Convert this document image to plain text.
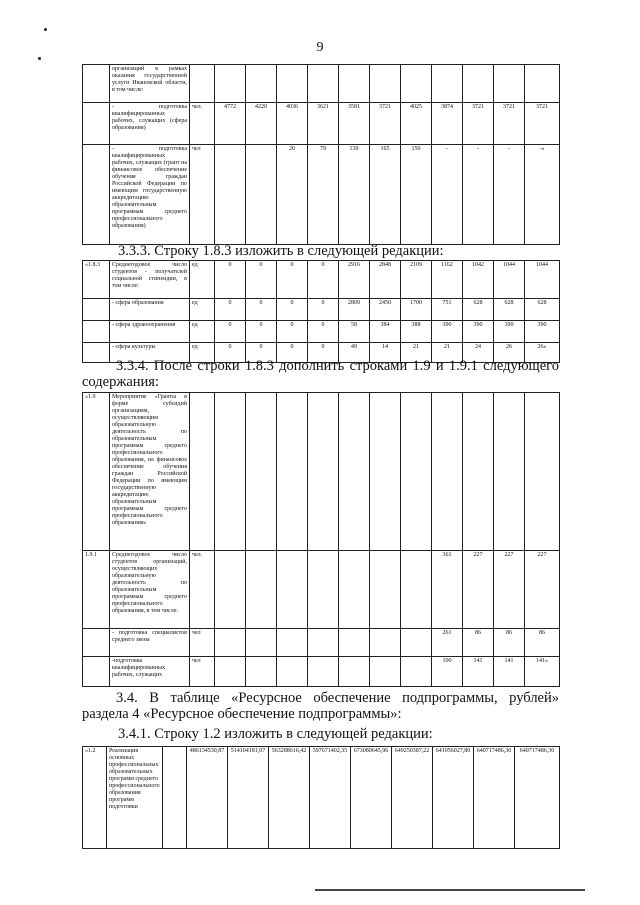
9
	организаций в рамках оказания государственной услуги Ивановской области, в том числе:												
	- подготовка квалифицированных рабочих, служащих (сфера образования)	чел.	4772	4220	4036	3621	3581	3721	4025	3874	3721	3721	3721
	- подготовка квалифицированных рабочих, служащих (грант на финансовое обеспечение обучения граждан Российской Федерации по имеющим государственную аккредитацию образовательным программам среднего профессионального образования)	чел			20	79	139	165	150	-	-	-	-»
3.3.3. Строку 1.8.3 изложить в следующей редакции:
«1.8.3	Среднегодовое число студентов - получателей социальной стипендии, в том числе:	ед	0	0	0	0	2916	2848	2109	1162	1042	1044	1044
	- сфера образования	ед	0	0	0	0	2809	2450	1700	751	628	628	628
	- сфера здравоохранения	ед	0	0	0	0	58	384	388	390	390	390	390
	- сфера культуры	ед	0	0	0	0	49	14	21	21	24	26	26»
3.3.4. После строки 1.8.3 дополнить строками 1.9 и 1.9.1 следующего содержания:
«1.9	Мероприятие «Гранты в форме субсидий организациям, осуществляющим образовательную деятельность по образовательным программам среднего профессионального образования, на финансовое обеспечение обучения граждан Российской Федерации по имеющим государственную аккредитацию образовательным программам среднего профессионального образования»												
1.9.1	Среднегодовое число студентов организаций, осуществляющих образовательную деятельность по образовательным программам среднего профессионального образования, в том числе:	чел.								361	227	227	227
	- подготовка специалистов среднего звена	чел								261	86	86	86
	-подготовка квалифицированных рабочих, служащих	чел								100	141	141	141»
3.4. В таблице «Ресурсное обеспечение подпрограммы, рублей» раздела 4 «Ресурсное обеспечение подпрограммы»:
3.4.1. Строку 1.2 изложить в следующей редакции:
«1.2	Реализация основных профессиональных образовательных программ среднего профессионального образования программ подготовки		486134530,87	514104181,07	563288616,42	597671402,35	673080645,96	649250387,22	641056027,80	640717486,30	640717486,30
